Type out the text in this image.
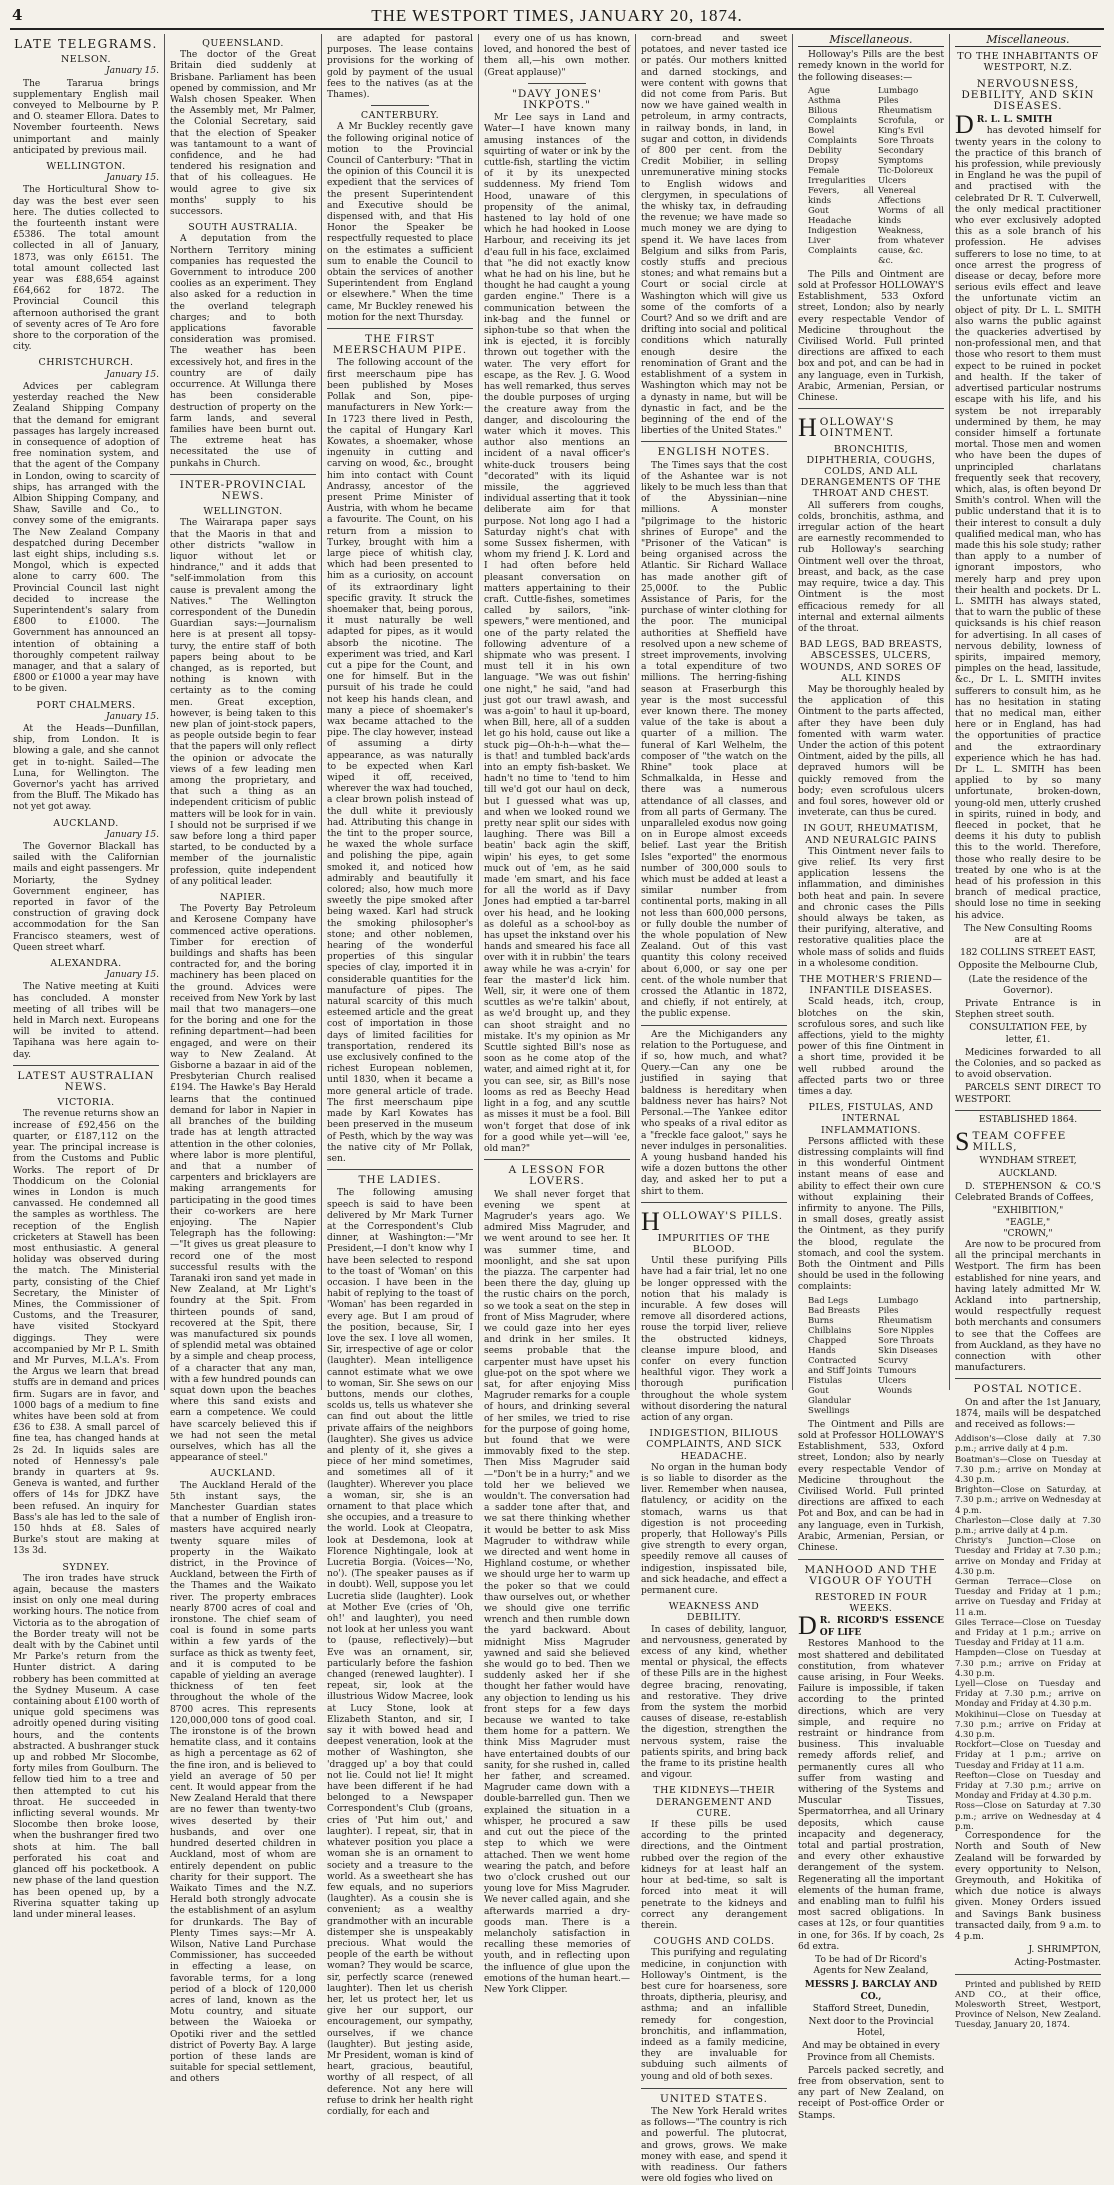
4	THE WESTPORT TIMES, JANUARY 20, 1874.
LATE TELEGRAMS.
NELSON.
January 15.

The Tararua brings supplementary English mail conveyed to Melbourne by P. and O. steamer Ellora. Dates to November fourteenth. News unimportant and mainly anticipated by previous mail.

WELLINGTON.
January 15.

The Horticultural Show to-day was the best ever seen here. The duties collected to the fourteenth instant were £5386. The total amount collected in all of January, 1873, was only £6151. The total amount collected last year was £88,654 against £64,662 for 1872. The Provincial Council this afternoon authorised the grant of seventy acres of Te Aro fore shore to the corporation of the city.

CHRISTCHURCH.
January 15.

Advices per cablegram yesterday reached the New Zealand Shipping Company that the demand for emigrant passages has largely increased in consequence of adoption of free nomination system, and that the agent of the Company in London, owing to scarcity of ships, has arranged with the Albion Shipping Company, and Shaw, Saville and Co., to convey some of the emigrants. The New Zealand Company despatched during December last eight ships, including s.s. Mongol, which is expected alone to carry 600. The Provincial Council last night decided to increase the Superintendent's salary from £800 to £1000. The Government has announced an intention of obtaining a thoroughly competent railway manager, and that a salary of £800 or £1000 a year may have to be given.

PORT CHALMERS.
January 15.

At the Heads—Dunfillan, ship, from London. It is blowing a gale, and she cannot get in to-night. Sailed—The Luna, for Wellington. The Governor's yacht has arrived from the Bluff. The Mikado has not yet got away.

AUCKLAND.
January 15.

The Governor Blackall has sailed with the Californian mails and eight passengers. Mr Moriarty, the Sydney Government engineer, has reported in favor of the construction of graving dock accommodation for the San Francisco steamers, west of Queen street wharf.

ALEXANDRA.
January 15.

The Native meeting at Kuiti has concluded. A monster meeting of all tribes will be held in March next. Europeans will be invited to attend. Tapihana was here again to-day.

LATEST AUSTRALIAN NEWS.
VICTORIA.

The revenue returns show an increase of £92,456 on the quarter, or £187,112 on the year. The principal increase is from the Customs and Public Works. The report of Dr Thoddicum on the Colonial wines in London is much canvassed. He condemned all the samples as worthless. The reception of the English cricketers at Stawell has been most enthusiastic. A general holiday was observed during the match. The Ministerial party, consisting of the Chief Secretary, the Minister of Mines, the Commissioner of Customs, and the Treasurer, have visited Stockyard diggings. They were accompanied by Mr P. L. Smith and Mr Purves, M.L.A's. From the Argus we learn that bread stuffs are in demand and prices firm. Sugars are in favor, and 1000 bags of a medium to fine whites have been sold at from £36 to £38. A small parcel of fine tea, has changed hands at 2s 2d. In liquids sales are noted of Hennessy's pale brandy in quarters at 9s. Geneva is wanted, and further offers of 14s for JDKZ have been refused. An inquiry for Bass's ale has led to the sale of 150 hhds at £8. Sales of Burke's stout are making at 13s 3d.

SYDNEY.

The iron trades have struck again, because the masters insist on only one meal during working hours. The notice from Victoria as to the abrogation of the Border treaty will not be dealt with by the Cabinet until Mr Parke's return from the Hunter district. A daring robbery has been committed at the Sydney Museum. A case containing about £100 worth of unique gold specimens was adroitly opened during visiting hours, and the contents abstracted. A bushranger stuck up and robbed Mr Slocombe, forty miles from Goulburn. The fellow tied him to a tree and then attempted to cut his throat. He succeeded in inflicting several wounds. Mr Slocombe then broke loose, when the bushranger fired two shots at him. The ball perforated his coat and glanced off his pocketbook. A new phase of the land question has been opened up, by a Riverina squatter taking up land under mineral leases.

QUEENSLAND.

The doctor of the Great Britain died suddenly at Brisbane. Parliament has been opened by commission, and Mr Walsh chosen Speaker. When the Assembly met, Mr Palmer, the Colonial Secretary, said that the election of Speaker was tantamount to a want of confidence, and he had tendered his resignation and that of his colleagues. He would agree to give six months' supply to his successors.

SOUTH AUSTRALIA.

A deputation from the Northern Territory mining companies has requested the Government to introduce 200 coolies as an experiment. They also asked for a reduction in the overland telegraph charges; and to both applications favorable consideration was promised. The weather has been excessively hot, and fires in the country are of daily occurrence. At Willunga there has been considerable destruction of property on the farm lands, and several families have been burnt out. The extreme heat has necessitated the use of punkahs in Church.

INTER-PROVINCIAL NEWS.
WELLINGTON.

The Wairarapa paper says that the Maoris in that and other districts "wallow in liquor without let or hindrance," and it adds that "self-immolation from this cause is prevalent among the Natives." The Wellington correspondent of the Dunedin Guardian says:—Journalism here is at present all topsy-turvy, the entire staff of both papers being about to be changed, as is reported, but nothing is known with certainty as to the coming men. Great exception, however, is being taken to this new plan of joint-stock papers, as people outside begin to fear that the papers will only reflect the opinion or advocate the views of a few leading men among the proprietary, and that such a thing as an independent criticism of public matters will be look for in vain. I should not be surprised if we saw before long a third paper started, to be conducted by a member of the journalistic profession, quite independent of any political leader.

NAPIER.

The Poverty Bay Petroleum and Kerosene Company have commenced active operations. Timber for erection of buildings and shafts has been contracted for, and the boring machinery has been placed on the ground. Advices were received from New York by last mail that two managers—one for the boring and one for the refining department—had been engaged, and were on their way to New Zealand. At Gisborne a bazaar in aid of the Presbyterian Church realised £194. The Hawke's Bay Herald learns that the continued demand for labor in Napier in all branches of the building trade has at length attracted attention in the other colonies, where labor is more plentiful, and that a number of carpenters and bricklayers are making arrangements for participating in the good times their co-workers are here enjoying. The Napier Telegraph has the following:—"It gives us great pleasure to record one of the most successful results with the Taranaki iron sand yet made in New Zealand, at Mr Light's foundry at the Spit. From thirteen pounds of sand, recovered at the Spit, there was manufactured six pounds of splendid metal was obtained by a simple and cheap process, of a character that any man, with a few hundred pounds can squat down upon the beaches where this sand exists and earn a competence. We could have scarcely believed this if we had not seen the metal ourselves, which has all the appearance of steel."

AUCKLAND.

The Auckland Herald of the 5th instant says, the Manchester Guardian states that a number of English iron-masters have acquired nearly twenty square miles of property in the Waikato district, in the Province of Auckland, between the Firth of the Thames and the Waikato river. The property embraces nearly 8700 acres of coal and ironstone. The chief seam of coal is found in some parts within a few yards of the surface as thick as twenty feet, and it is computed to be capable of yielding an average thickness of ten feet throughout the whole of the 8700 acres. This represents 120,000,000 tons of good coal. The ironstone is of the brown hematite class, and it contains as high a percentage as 62 of the fine iron, and is believed to yield an average of 50 per cent. It would appear from the New Zealand Herald that there are no fewer than twenty-two wives deserted by their husbands, and over one hundred deserted children in Auckland, most of whom are entirely dependent on public charity for their support. The Waikato Times and the N.Z. Herald both strongly advocate the establishment of an asylum for drunkards. The Bay of Plenty Times says:—Mr A. Wilson, Native Land Purchase Commissioner, has succeeded in effecting a lease, on favorable terms, for a long period of a block of 120,000 acres of land, known as the Motu country, and situate between the Waioeka or Opotiki river and the settled district of Poverty Bay. A large portion of these lands are suitable for special settlement, and others

are adapted for pastoral purposes. The lease contains provisions for the working of gold by payment of the usual fees to the natives (as at the Thames).

CANTERBURY.

A Mr Buckley recently gave the following original notice of motion to the Provincial Council of Canterbury: "That in the opinion of this Council it is expedient that the services of the present Superintendent and Executive should be dispensed with, and that His Honor the Speaker be respectfully requested to place on the estimates a sufficient sum to enable the Council to obtain the services of another Superintendent from England or elsewhere." When the time came, Mr Buckley renewed his motion for the next Thursday.

THE FIRST MEERSCHAUM PIPE.

The following account of the first meerschaum pipe has been published by Moses Pollak and Son, pipe-manufacturers in New York:—In 1723 there lived in Pesth, the capital of Hungary Karl Kowates, a shoemaker, whose ingenuity in cutting and carving on wood, &c., brought him into contact with Count Andrassy, ancestor of the present Prime Minister of Austria, with whom he became a favourite. The Count, on his return from a mission to Turkey, brought with him a large piece of whitish clay, which had been presented to him as a curiosity, on account of its extraordinary light specific gravity. It struck the shoemaker that, being porous, it must naturally be well adapted for pipes, as it would absorb the nicotine. The experiment was tried, and Karl cut a pipe for the Count, and one for himself. But in the pursuit of his trade he could not keep his hands clean, and many a piece of shoemaker's wax became attached to the pipe. The clay however, instead of assuming a dirty appearance, as was naturally to be expected when Karl wiped it off, received, wherever the wax had touched, a clear brown polish instead of the dull white it previously had. Attributing this change in the tint to the proper source, he waxed the whole surface and polishing the pipe, again smoked it, and noticed how admirably and beautifully it colored; also, how much more sweetly the pipe smoked after being waxed. Karl had struck the smoking philosopher's stone; and other noblemen, hearing of the wonderful properties of this singular species of clay, imported it in considerable quantities for the manufacture of pipes. The natural scarcity of this much esteemed article and the great cost of importation in those days of limited facilities for transportation, rendered its use exclusively confined to the richest European noblemen, until 1830, when it became a more general article of trade. The first meerschaum pipe made by Karl Kowates has been preserved in the museum of Pesth, which by the way was the native city of Mr Pollak, sen.

THE LADIES.

The following amusing speech is said to have been delivered by Mr Mark Turner at the Correspondent's Club dinner, at Washington:—"Mr President,—I don't know why I have been selected to respond to the toast of 'Woman' on this occasion. I have been in the habit of replying to the toast of 'Woman' has been regarded in every age. But I am proud of the position, because, Sir, I love the sex. I love all women, Sir, irrespective of age or color (laughter). Mean intelligence cannot estimate what we owe to woman, Sir. She sews on our buttons, mends our clothes, scolds us, tells us whatever she can find out about the little private affairs of the neighbors (laughter). She gives us advice and plenty of it, she gives a piece of her mind sometimes, and sometimes all of it (laughter). Wherever you place a woman, sir, she is an ornament to that place which she occupies, and a treasure to the world. Look at Cleopatra, look at Desdemona, look at Florence Nightingale, look at Lucretia Borgia. (Voices—'No, no'). (The speaker pauses as if in doubt). Well, suppose you let Lucretia slide (laughter). Look at Mother Eve (cries of 'Oh, oh!' and laughter), you need not look at her unless you want to (pause, reflectively)—but Eve was an ornament, sir, particularly before the fashion changed (renewed laughter). I repeat, sir, look at the illustrious Widow Macree, look at Lucy Stone, look at Elizabeth Stanton, and sir, I say it with bowed head and deepest veneration, look at the mother of Washington, she 'dragged up' a boy that could not lie. Could not lie! It might have been different if he had belonged to a Newspaper Correspondent's Club (groans, cries of 'Put him out,' and laughter). I repeat, sir, that in whatever position you place a woman she is an ornament to society and a treasure to the world. As a sweetheart she has few equals, and no superiors (laughter). As a cousin she is convenient; as a wealthy grandmother with an incurable distemper she is unspeakably precious. What would the people of the earth be without woman? They would be scarce, sir, perfectly scarce (renewed laughter). Then let us cherish her, let us protect her, let us give her our support, our encouragement, our sympathy, ourselves, if we chance (laughter). But jesting aside, Mr President, woman is kind of heart, gracious, beautiful, worthy of all respect, of all deference. Not any here will refuse to drink her health right cordially, for each and

every one of us has known, loved, and honored the best of them all,—his own mother. (Great applause)"

"DAVY JONES' INKPOTS."

Mr Lee says in Land and Water—I have known many amusing instances of the squirting of water or ink by the cuttle-fish, startling the victim of it by its unexpected suddenness. My friend Tom Hood, unaware of this propensity of the animal, hastened to lay hold of one which he had hooked in Loose Harbour, and receiving its jet d'eau full in his face, exclaimed that "he did not exactly know what he had on his line, but he thought he had caught a young garden engine." There is a communication between the ink-bag and the funnel or siphon-tube so that when the ink is ejected, it is forcibly thrown out together with the water. The very effort for escape, as the Rev. J. G. Wood has well remarked, thus serves the double purposes of urging the creature away from the danger, and discolouring the water which it moves. This author also mentions an incident of a naval officer's white-duck trousers being "decorated" with its liquid missile, the aggrieved individual asserting that it took deliberate aim for that purpose. Not long ago I had a Saturday night's chat with some Sussex fishermen, with whom my friend J. K. Lord and I had often before held pleasant conversation on matters appertaining to their craft. Cuttle-fishes, sometimes called by sailors, "ink-spewers," were mentioned, and one of the party related the following adventure of a shipmate who was present. I must tell it in his own language. "We was out fishin' one night," he said, "and had just got our trawl awash, and was a-goin' to haul it up-board, when Bill, here, all of a sudden let go his hold, cause out like a stuck pig—Oh-h-h—what the—is that! and tumbled back'ards into an empty fish-basket. We hadn't no time to 'tend to him till we'd got our haul on deck, but I guessed what was up, and when we looked round we pretty near split our sides with laughing. There was Bill a beatin' back agin the skiff, wipin' his eyes, to get some muck out of 'em, as he said made 'em smart, and his face for all the world as if Davy Jones had emptied a tar-barrel over his head, and he looking as doleful as a school-boy as has upset the inkstand over his hands and smeared his face all over with it in rubbin' the tears away while he was a-cryin' for fear the master'd lick him. Well, sir, it were one of them scuttles as we're talkin' about, as we'd brought up, and they can shoot straight and no mistake. It's my opinion as Mr Scuttle sighted Bill's nose as soon as he come atop of the water, and aimed right at it, for you can see, sir, as Bill's nose looms as red as Beechy Head light in a fog, and any scuttle as misses it must be a fool. Bill won't forget that dose of ink for a good while yet—will 'ee, old man?"

A LESSON FOR LOVERS.

We shall never forget that evening we spent at Magruder's years ago. We admired Miss Magruder, and we went around to see her. It was summer time, and moonlight, and she sat upon the piazza. The carpenter had been there the day, gluing up the rustic chairs on the porch, so we took a seat on the step in front of Miss Magruder, where we could gaze into her eyes and drink in her smiles. It seems probable that the carpenter must have upset his glue-pot on the spot where we sat, for after enjoying Miss Magruder remarks for a couple of hours, and drinking several of her smiles, we tried to rise for the purpose of going home, but found that we were immovably fixed to the step. Then Miss Magruder said—"Don't be in a hurry;" and we told her we believed we wouldn't. The conversation had a sadder tone after that, and we sat there thinking whether it would be better to ask Miss Magruder to withdraw while we directed and went home in Highland costume, or whether we should urge her to warm up the poker so that we could thaw ourselves out, or whether we should give one terrific wrench and then rumble down the yard backward. About midnight Miss Magruder yawned and said she believed she would go to bed. Then we suddenly asked her if she thought her father would have any objection to lending us his front steps for a few days because we wanted to take them home for a pattern. We think Miss Magruder must have entertained doubts of our sanity, for she rushed in, called her father, and screamed. Magruder came down with a double-barrelled gun. Then we explained the situation in a whisper, he procured a saw and cut out the piece of the step to which we were attached. Then we went home wearing the patch, and before two o'clock crushed out our young love for Miss Magruder. We never called again, and she afterwards married a dry-goods man. There is a melancholy satisfaction in recalling these memories of youth, and in reflecting upon the influence of glue upon the emotions of the human heart.—New York Clipper.

corn-bread and sweet potatoes, and never tasted ice or patés. Our mothers knitted and darned stockings, and were content with gowns that did not come from Paris. But now we have gained wealth in petroleum, in army contracts, in railway bonds, in land, in sugar and cotton, in dividends of 800 per cent. from the Credit Mobilier, in selling unremunerative mining stocks to English widows and clergymen, in speculations of the whisky tax, in defrauding the revenue; we have made so much money we are dying to spend it. We have laces from Belgium and silks from Paris, costly stuffs and precious stones; and what remains but a Court or social circle at Washington which will give us some of the comforts of a Court? And so we drift and are drifting into social and political conditions which naturally enough desire the renomination of Grant and the establishment of a system in Washington which may not be a dynasty in name, but will be dynastic in fact, and be the beginning of the end of the liberties of the United States."

ENGLISH NOTES.

The Times says that the cost of the Ashantee war is not likely to be much less than that of the Abyssinian—nine millions. A monster "pilgrimage to the historic shrines of Europe" and the "Prisoner of the Vatican" is being organised across the Atlantic. Sir Richard Wallace has made another gift of 25,000f. to the Public Assistance of Paris, for the purchase of winter clothing for the poor. The municipal authorities at Sheffield have resolved upon a new scheme of street improvements, involving a total expenditure of two millions. The herring-fishing season at Fraserburgh this year is the most successful ever known there. The money value of the take is about a quarter of a million. The funeral of Karl Welhelm, the composer of "the watch on the Rhine" took place at Schmalkalda, in Hesse and there was a numerous attendance of all classes, and from all parts of Germany. The unparalleled exodus now going on in Europe almost exceeds belief. Last year the British Isles "exported" the enormous number of 300,000 souls to which must be added at least a similar number from continental ports, making in all not less than 600,000 persons, or fully double the number of the whole population of New Zealand. Out of this vast quantity this colony received about 6,000, or say one per cent. of the whole number that crossed the Atlantic in 1872, and chiefly, if not entirely, at the public expense.

Are the Michiganders any relation to the Portuguese, and if so, how much, and what? Query.—Can any one be justified in saying that baldness is hereditary when baldness never has hairs? Not Personal.—The Yankee editor who speaks of a rival editor as a "freckle face galoot," says he never indulges in personalities. A young husband handed his wife a dozen buttons the other day, and asked her to put a shirt to them.

H OLLOWAY'S PILLS.
IMPURITIES OF THE BLOOD.

Until these purifying Pills have had a fair trial, let no one be longer oppressed with the notion that his malady is incurable. A few doses will remove all disordered actions, rouse the torpid liver, relieve the obstructed kidneys, cleanse impure blood, and confer on every function healthful vigor. They work a thorough purification throughout the whole system without disordering the natural action of any organ.

INDIGESTION, BILIOUS COMPLAINTS, AND SICK HEADACHE.

No organ in the human body is so liable to disorder as the liver. Remember when nausea, flatulency, or acidity on the stomach, warns us that digestion is not proceeding properly, that Holloway's Pills give strength to every organ, speedily remove all causes of indigestion, inspissated bile, and sick headache, and effect a permanent cure.

WEAKNESS AND DEBILITY.

In cases of debility, languor, and nervousness, generated by excess of any kind, whether mental or physical, the effects of these Pills are in the highest degree bracing, renovating, and restorative. They drive from the system the morbid causes of disease, re-establish the digestion, strengthen the nervous system, raise the patients spirits, and bring back the frame to its pristine health and vigour.

THE KIDNEYS—THEIR DERANGEMENT AND CURE.

If these pills be used according to the printed directions, and the Ointment rubbed over the region of the kidneys for at least half an hour at bed-time, so salt is forced into meat it will penetrate to the kidneys and correct any derangement therein.

COUGHS AND COLDS.

This purifying and regulating medicine, in conjunction with Holloway's Ointment, is the best cure for hoarseness, sore throats, diptheria, pleurisy, and asthma; and an infallible remedy for congestion, bronchitis, and inflammation, indeed as a family medicine, they are invaluable for subduing such ailments of young and old of both sexes.

UNITED STATES.

The New York Herald writes as follows—"The country is rich and powerful. The plutocrat, and grows, grows. We make money with ease, and spend it with readiness. Our fathers were old fogies who lived on

Miscellaneous.

Holloway's Pills are the best remedy known in the world for the following diseases:—

Ague
Asthma
Bilious Complaints
Bowel Complaints
Debility
Dropsy
Female Irregularities
Fevers, all kinds
Gout
Headache
Indigestion
Liver Complaints
Lumbago
Piles
Rheumatism
Scrofula, or King's Evil
Sore Throats
Secondary Symptoms
Tic-Doloreux
Ulcers
Venereal Affections
Worms of all kinds
Weakness, from whatever cause, &c.
&c.

The Pills and Ointment are sold at Professor HOLLOWAY'S Establishment, 533 Oxford street, London; also by nearly every respectable Vendor of Medicine throughout the Civilised World. Full printed directions are affixed to each box and pot, and can be had in any language, even in Turkish, Arabic, Armenian, Persian, or Chinese.

H OLLOWAY'S OINTMENT.
BRONCHITIS, DIPHTHERIA, COUGHS, COLDS, AND ALL DERANGEMENTS OF THE THROAT AND CHEST.

All sufferers from coughs, colds, bronchitis, asthma, and irregular action of the heart are earnestly recommended to rub Holloway's searching Ointment well over the throat, breast, and back, as the case may require, twice a day. This Ointment is the most efficacious remedy for all internal and external ailments of the throat.

BAD LEGS, BAD BREASTS, ABSCESSES, ULCERS, WOUNDS, AND SORES OF ALL KINDS

May be thoroughly healed by the application of this Ointment to the parts affected, after they have been duly fomented with warm water. Under the action of this potent Ointment, aided by the pills, all depraved humors will be quickly removed from the body; even scrofulous ulcers and foul sores, however old or inveterate, can thus be cured.

IN GOUT, RHEUMATISM, AND NEURALGIC PAINS

This Ointment never fails to give relief. Its very first application lessens the inflammation, and diminishes both heat and pain. In severe and chronic cases the Pills should always be taken, as their purifying, alterative, and restorative qualities place the whole mass of solids and fluids in a wholesome condition.

THE MOTHER'S FRIEND—INFANTILE DISEASES.

Scald heads, itch, croup, blotches on the skin, scrofulous sores, and such like affections, yield to the mighty power of this fine Ointment in a short time, provided it be well rubbed around the affected parts two or three times a day.

PILES, FISTULAS, AND INTERNAL INFLAMMATIONS.

Persons afflicted with these distressing complaints will find in this wonderful Ointment instant means of ease and ability to effect their own cure without explaining their infirmity to anyone. The Pills, in small doses, greatly assist the Ointment, as they purify the blood, regulate the stomach, and cool the system. Both the Ointment and Pills should be used in the following complaints:

Bad Legs
Bad Breasts
Burns
Chilblains
Chapped Hands
Contracted and Stiff Joints
Fistulas
Gout
Glandular Swellings
Lumbago
Piles
Rheumatism
Sore Nipples
Sore Throats
Skin Diseases
Scurvy
Tumours
Ulcers
Wounds

The Ointment and Pills are sold at Professor HOLLOWAY'S Establishment, 533, Oxford street, London; also by nearly every respectable Vendor of Medicine throughout the Civilised World. Full printed directions are affixed to each Pot and Box, and can be had in any language, even in Turkish, Arabic, Armenian, Persian, or Chinese.

MANHOOD AND THE VIGOUR OF YOUTH
RESTORED IN FOUR WEEKS.
D R. RICORD'S ESSENCE OF LIFE

Restores Manhood to the most shattered and debilitated constitution, from whatever cause arising, in Four Weeks. Failure is impossible, if taken according to the printed directions, which are very simple, and require no restraint or hindrance from business. This invaluable remedy affords relief, and permanently cures all who suffer from wasting and withering of the Systems and Muscular Tissues, Spermatorrhea, and all Urinary deposits, which cause incapacity and degeneracy, total and partial prostration, and every other exhaustive derangement of the system. Regenerating all the important elements of the human frame, and enabling man to fulfil his most sacred obligations. In cases at 12s, or four quantities in one, for 36s. If by coach, 2s 6d extra.

To be had of Dr Ricord's Agents for New Zealand,

MESSRS J. BARCLAY AND CO.,

Stafford Street, Dunedin,

Next door to the Provincial Hotel,

And may be obtained in every Province from all Chemists.

Parcels packed secretly, and free from observation, sent to any part of New Zealand, on receipt of Post-office Order or Stamps.

Miscellaneous.
TO THE INHABITANTS OF WESTPORT, N.Z.
NERVOUSNESS, DEBILITY, AND SKIN DISEASES.
D R. L. L. SMITH

has devoted himself for twenty years in the colony to the practice of this branch of his profession, while previously in England he was the pupil of and practised with the celebrated Dr R. T. Culverwell, the only medical practitioner who ever exclusively adopted this as a sole branch of his profession. He advises sufferers to lose no time, to at once arrest the progress of disease or decay, before more serious evils effect and leave the unfortunate victim an object of pity. Dr L. L. SMITH also warns the public against the quackeries advertised by non-professional men, and that those who resort to them must expect to be ruined in pocket and health. If the taker of advertised particular nostrums escape with his life, and his system be not irreparably undermined by them, he may consider himself a fortunate mortal. Those men and women who have been the dupes of unprincipled charlatans frequently seek that recovery, which, alas, is often beyond Dr Smith's control. When will the public understand that it is to their interest to consult a duly qualified medical man, who has made this his sole study; rather than apply to a number of ignorant impostors, who merely harp and prey upon their health and pockets. Dr L. L. SMITH has always stated, that to warn the public of these quicksands is his chief reason for advertising. In all cases of nervous debility, lowness of spirits, impaired memory, pimples on the head, lassitude, &c., Dr L. L. SMITH invites sufferers to consult him, as he has no hesitation in stating that no medical man, either here or in England, has had the opportunities of practice and the extraordinary experience which he has had. Dr L. L. SMITH has been applied to by so many unfortunate, broken-down, young-old men, utterly crushed in spirits, ruined in body, and fleeced in pocket, that he deems it his duty to publish this to the world. Therefore, those who really desire to be treated by one who is at the head of his profession in this branch of medical practice, should lose no time in seeking his advice.

The New Consulting Rooms are at

182 COLLINS STREET EAST,

Opposite the Melbourne Club,

(Late the residence of the Governor).

Private Entrance is in Stephen street south.

CONSULTATION FEE, by letter, £1.

Medicines forwarded to all the Colonies, and so packed as to avoid observation.

PARCELS SENT DIRECT TO WESTPORT.

ESTABLISHED 1864.

S TEAM COFFEE MILLS,

WYNDHAM STREET,

AUCKLAND.

D. STEPHENSON & CO.'S Celebrated Brands of Coffees,

"EXHIBITION,"
"EAGLE,"
"CROWN,"

Are now to be procured from all the principal merchants in Westport. The firm has been established for nine years, and having lately admitted Mr W. Ackland into partnership, would respectfully request both merchants and consumers to see that the Coffees are from Auckland, as they have no connection with other manufacturers.

POSTAL NOTICE.

On and after the 1st January, 1874, mails will be despatched and received as follows:—

Addison's—Close daily at 7.30 p.m.; arrive daily at 4 p.m.
Boatman's—Close on Tuesday at 7.30 p.m.; arrive on Monday at 4.30 p.m.
Brighton—Close on Saturday, at 7.30 p.m.; arrive on Wednesday at 4 p.m.
Charleston—Close daily at 7.30 p.m.; arrive daily at 4 p.m.
Christy's Junction—Close on Tuesday and Friday at 7.30 p.m.; arrive on Monday and Friday at 4.30 p.m.
German Terrace—Close on Tuesday and Friday at 1 p.m.; arrive on Tuesday and Friday at 11 a.m.
Giles Terrace—Close on Tuesday and Friday at 1 p.m.; arrive on Tuesday and Friday at 11 a.m.
Hampden—Close on Tuesday at 7.30 p.m.; arrive on Friday at 4.30 p.m.
Lyell—Close on Tuesday and Friday at 7.30 p.m.; arrive on Monday and Friday at 4.30 p.m.
Mokihinui—Close on Tuesday at 7.30 p.m.; arrive on Friday at 4.30 p.m.
Rockfort—Close on Tuesday and Friday at 1 p.m.; arrive on Tuesday and Friday at 11 a.m.
Reefton—Close on Tuesday and Friday at 7.30 p.m.; arrive on Monday and Friday at 4.30 p.m.
Ross—Close on Saturday at 7.30 p.m.; arrive on Wednesday at 4 p.m.

Correspondence for the North and South of New Zealand will be forwarded by every opportunity to Nelson, Greymouth, and Hokitika of which due notice is always given. Money Orders issued and Savings Bank business transacted daily, from 9 a.m. to 4 p.m.

J. SHRIMPTON,

Acting-Postmaster.

Printed and published by REID AND CO., at their office, Molesworth Street, Westport, Province of Nelson, New Zealand. Tuesday, January 20, 1874.
